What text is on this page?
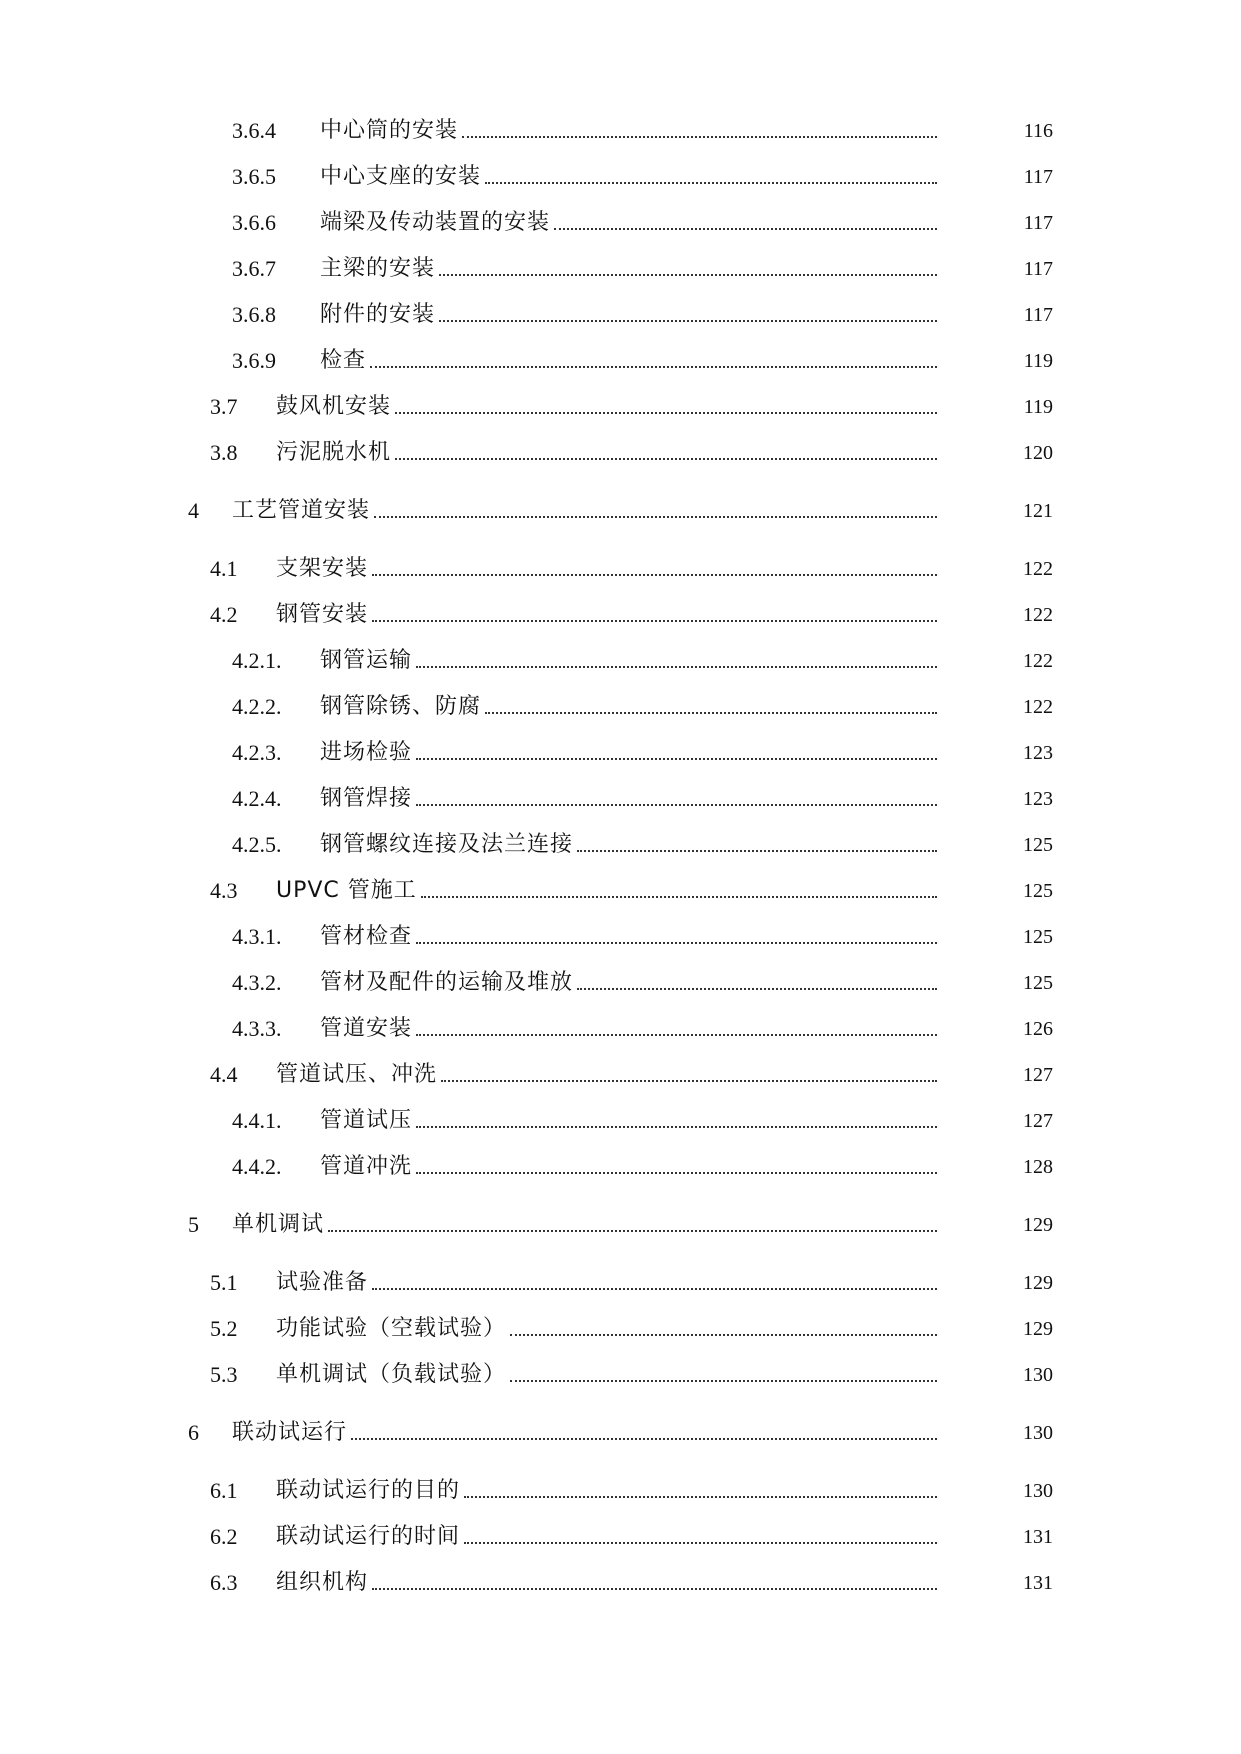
3.6.4 中心筒的安装	116
3.6.5 中心支座的安装	117
3.6.6 端梁及传动装置的安装	117
3.6.7 主梁的安装	117
3.6.8 附件的安装	117
3.6.9 检查	119
3.7 鼓风机安装	119
3.8 污泥脱水机	120
4 工艺管道安装	121
4.1 支架安装	122
4.2 钢管安装	122
4.2.1. 钢管运输	122
4.2.2. 钢管除锈、防腐	122
4.2.3. 进场检验	123
4.2.4. 钢管焊接	123
4.2.5. 钢管螺纹连接及法兰连接	125
4.3 UPVC 管施工	125
4.3.1. 管材检查	125
4.3.2. 管材及配件的运输及堆放	125
4.3.3. 管道安装	126
4.4 管道试压、冲洗	127
4.4.1. 管道试压	127
4.4.2. 管道冲洗	128
5 单机调试	129
5.1 试验准备	129
5.2 功能试验（空载试验）	129
5.3 单机调试（负载试验）	130
6 联动试运行	130
6.1 联动试运行的目的	130
6.2 联动试运行的时间	131
6.3 组织机构	131
